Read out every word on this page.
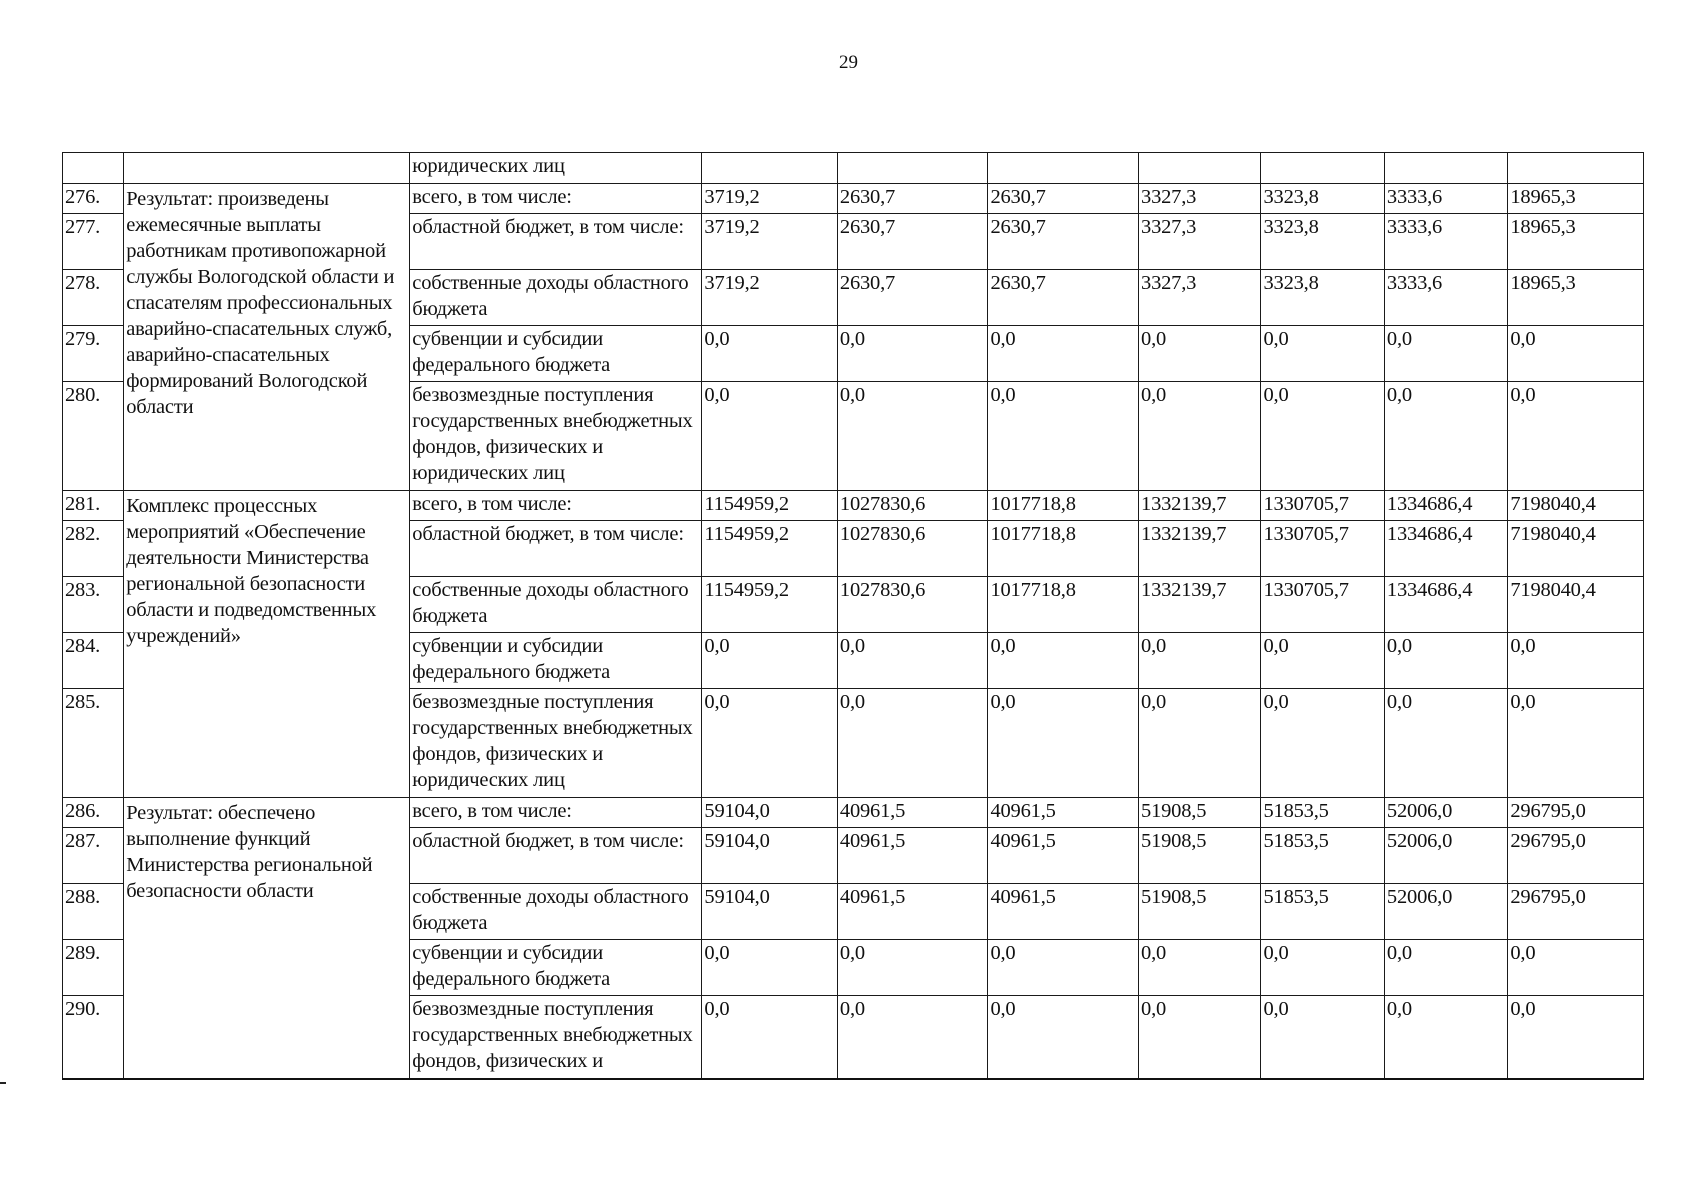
29
		юридических лиц							
276.	Результат: произведены ежемесячные выплаты работникам противопожарной службы Вологодской области и спасателям профессиональных аварийно-спасательных служб, аварийно-спасательных формирований Вологодской области	всего, в том числе:	3719,2	2630,7	2630,7	3327,3	3323,8	3333,6	18965,3
277.		областной бюджет, в том числе:	3719,2	2630,7	2630,7	3327,3	3323,8	3333,6	18965,3
278.		собственные доходы областного бюджета	3719,2	2630,7	2630,7	3327,3	3323,8	3333,6	18965,3
279.		субвенции и субсидии федерального бюджета	0,0	0,0	0,0	0,0	0,0	0,0	0,0
280.		безвозмездные поступления государственных внебюджетных фондов, физических и юридических лиц	0,0	0,0	0,0	0,0	0,0	0,0	0,0
281.	Комплекс процессных мероприятий «Обеспечение деятельности Министерства региональной безопасности области и подведомственных учреждений»	всего, в том числе:	1154959,2	1027830,6	1017718,8	1332139,7	1330705,7	1334686,4	7198040,4
282.		областной бюджет, в том числе:	1154959,2	1027830,6	1017718,8	1332139,7	1330705,7	1334686,4	7198040,4
283.		собственные доходы областного бюджета	1154959,2	1027830,6	1017718,8	1332139,7	1330705,7	1334686,4	7198040,4
284.		субвенции и субсидии федерального бюджета	0,0	0,0	0,0	0,0	0,0	0,0	0,0
285.		безвозмездные поступления государственных внебюджетных фондов, физических и юридических лиц	0,0	0,0	0,0	0,0	0,0	0,0	0,0
286.	Результат: обеспечено выполнение функций Министерства региональной безопасности области	всего, в том числе:	59104,0	40961,5	40961,5	51908,5	51853,5	52006,0	296795,0
287.		областной бюджет, в том числе:	59104,0	40961,5	40961,5	51908,5	51853,5	52006,0	296795,0
288.		собственные доходы областного бюджета	59104,0	40961,5	40961,5	51908,5	51853,5	52006,0	296795,0
289.		субвенции и субсидии федерального бюджета	0,0	0,0	0,0	0,0	0,0	0,0	0,0
290.		безвозмездные поступления государственных внебюджетных фондов, физических и	0,0	0,0	0,0	0,0	0,0	0,0	0,0
